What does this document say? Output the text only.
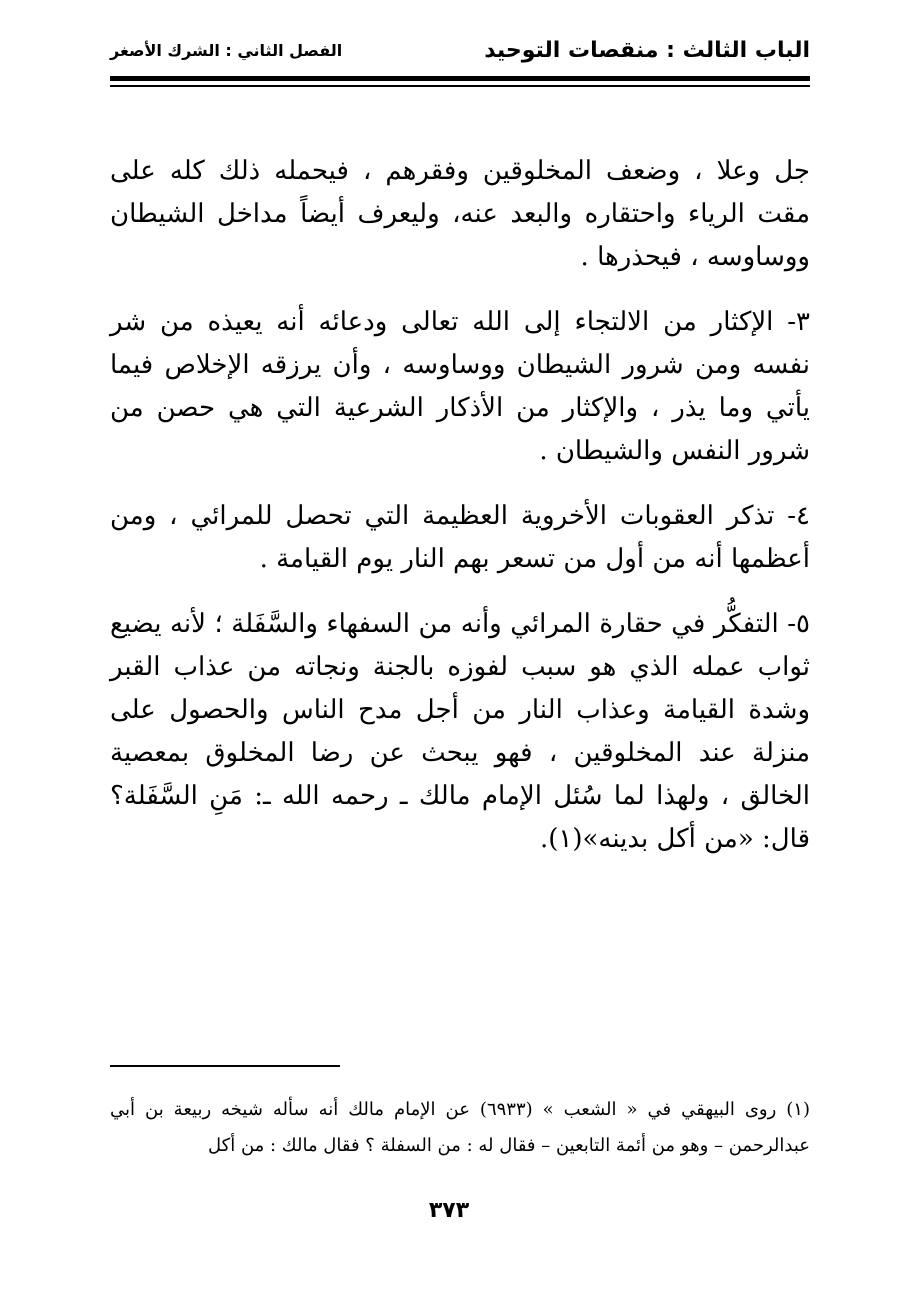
الباب الثالث : منقصات التوحيد
الفصل الثاني : الشرك الأصغر

جل وعلا ، وضعف المخلوقين وفقرهم ، فيحمله ذلك كله على مقت الرياء واحتقاره والبعد عنه، وليعرف أيضاً مداخل الشيطان ووساوسه ، فيحذرها .

٣- الإكثار من الالتجاء إلى الله تعالى ودعائه أنه يعيذه من شر نفسه ومن شرور الشيطان ووساوسه ، وأن يرزقه الإخلاص فيما يأتي وما يذر ، والإكثار من الأذكار الشرعية التي هي حصن من شرور النفس والشيطان .

٤- تذكر العقوبات الأخروية العظيمة التي تحصل للمرائي ، ومن أعظمها أنه من أول من تسعر بهم النار يوم القيامة .

٥- التفكُّر في حقارة المرائي وأنه من السفهاء والسَّفَلة ؛ لأنه يضيع ثواب عمله الذي هو سبب لفوزه بالجنة ونجاته من عذاب القبر وشدة القيامة وعذاب النار من أجل مدح الناس والحصول على منزلة عند المخلوقين ، فهو يبحث عن رضا المخلوق بمعصية الخالق ، ولهذا لما سُئل الإمام مالك ـ رحمه الله ـ: مَنِ السَّفَلة؟ قال: «من أكل بدينه»(١).

(١) روى البيهقي في « الشعب » (٦٩٣٣) عن الإمام مالك أنه سأله شيخه ربيعة بن أبي عبدالرحمن – وهو من أئمة التابعين – فقال له : من السفلة ؟ فقال مالك : من أكل

٣٧٣
